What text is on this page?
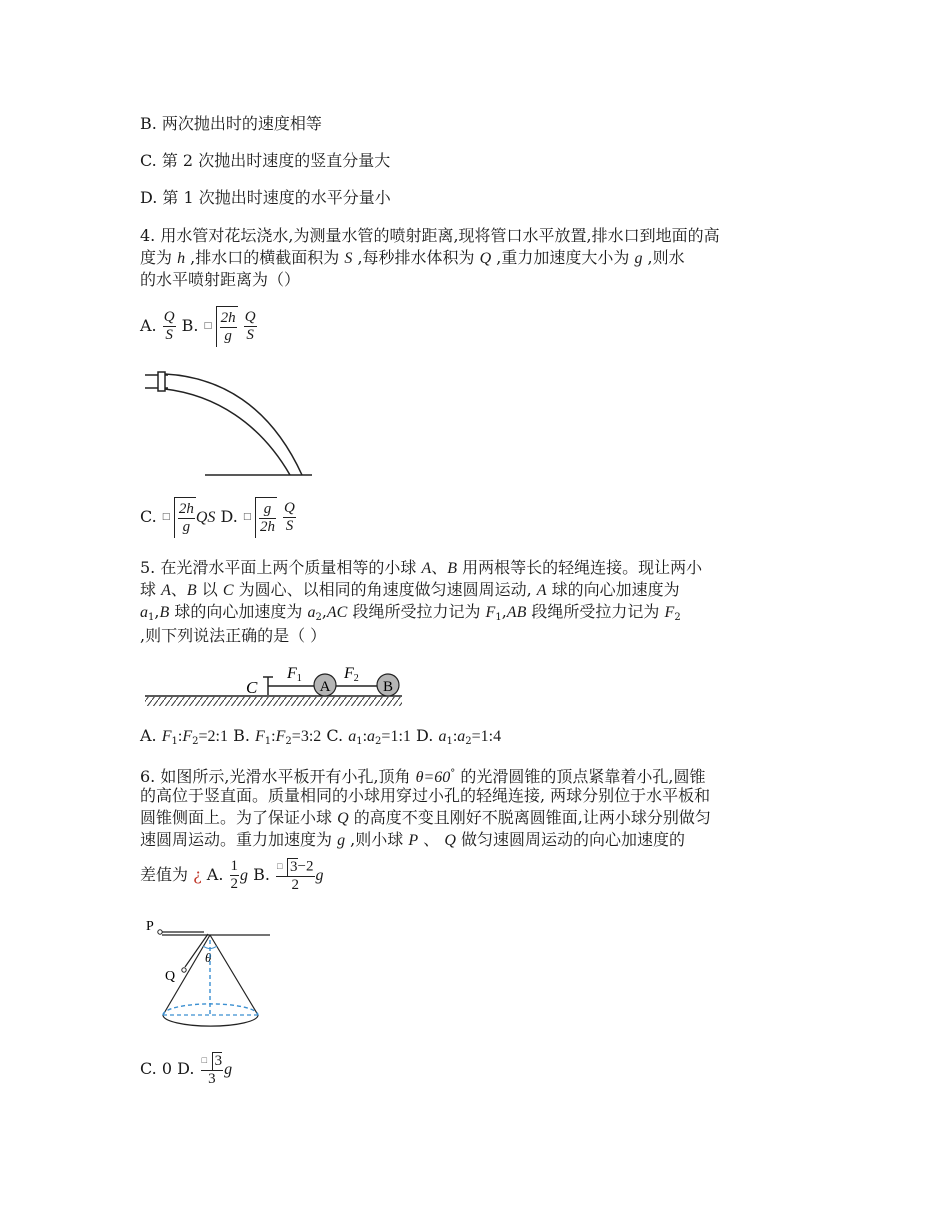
B. 两次抛出时的速度相等
C. 第 2 次抛出时速度的竖直分量大
D. 第 1 次抛出时速度的水平分量小
4. 用水管对花坛浇水,为测量水管的喷射距离,现将管口水平放置,排水口到地面的高
度为 h ,排水口的横截面积为 S ,每秒排水体积为 Q ,重力加速度大小为 g ,则水
的水平喷射距离为（）
A. $\frac{Q}{S} B$. □ $\frac{2h}{g}$
$\frac{Q}{S}$
C. □ $\frac{2h}{g}$ QS D. □ $\frac{g}{2h}$
$\frac{Q}{S}$
5. 在光滑水平面上两个质量相等的小球 A、B 用两根等长的轻绳连接。现让两小
球 A、B 以 C 为圆心、以相同的角速度做匀速圆周运动, A 球的向心加速度为
$a_1,B$ 球的向心加速度为 $a_2,AC$ 段绳所受拉力记为 $F_1,AB$ 段绳所受拉力记为 $F_2$
,则下列说法正确的是（ ）
C
F1
A
F2
B
A. $F_1:F_2=2:1$ B. $F_1:F_2=3:2$ C. $a_1:a_2=1:1$ D. $a_1:a_2=1:4$
6. 如图所示,光滑水平板开有小孔,顶角 θ=60° 的光滑圆锥的顶点紧靠着小孔,圆锥
的高位于竖直面。质量相同的小球用穿过小孔的轻绳连接, 两球分别位于水平板和
圆锥侧面上。为了保证小球 Q 的高度不变且刚好不脱离圆锥面,让两小球分别做匀
速圆周运动。重力加速度为 g ,则小球 P 、 Q 做匀速圆周运动的向心加速度的
差值为 ¿ A. $\frac{1}{2}$ g B. $\frac{□ 3-2}{2}$ g
P
Q
θ
C. 0 D. $\frac{□ 3}{3}$ g
